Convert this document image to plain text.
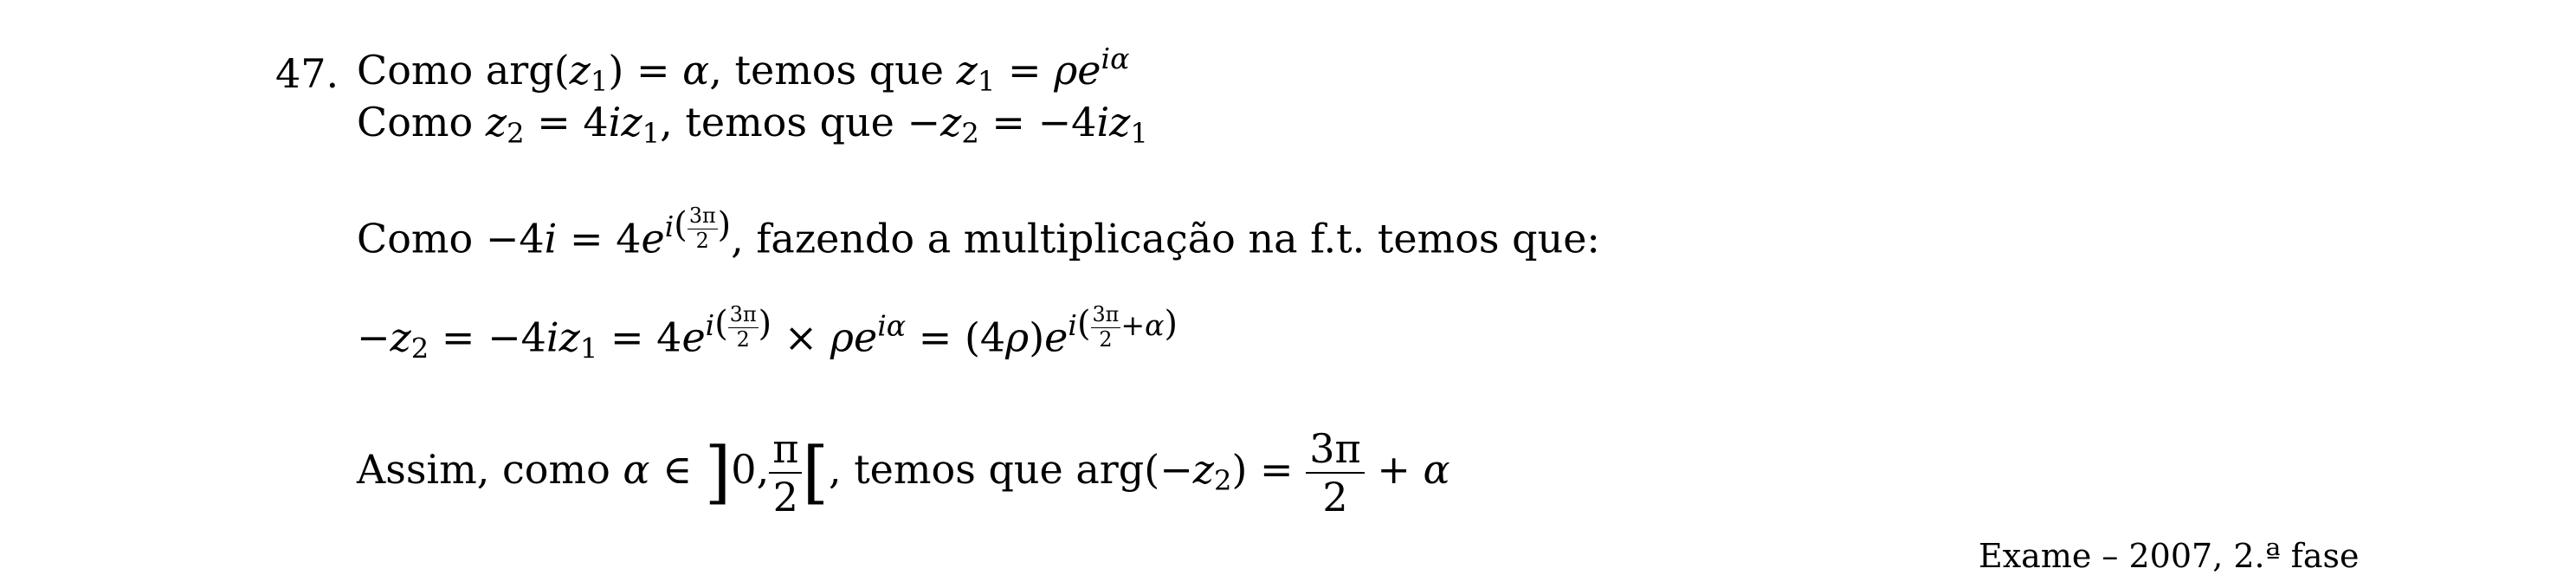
47. Como $arg(z_1) = \alpha$, temos que $z_1 = \rho e^{i\alpha}$
Como $z_2 = 4iz_1$, temos que $-z_2 = -4iz_1$
Como $-4i = 4e^{i( \frac{3\pi}{2} )}$, fazendo a multiplicação na f.t. temos que:
$-z_2 = -4iz_1 = 4e^{i( \frac{3\pi}{2} )} \times \rho e^{i\alpha} = (4\rho)e^{i( \frac{3\pi}{2} +\alpha)}$
Assim, como α ∈ ]0, $\frac{\pi}{2}$ [, temos que $arg(-z_2) = \frac{3\pi}{2} + \alpha$
Exame – 2007, 2.ª fase
